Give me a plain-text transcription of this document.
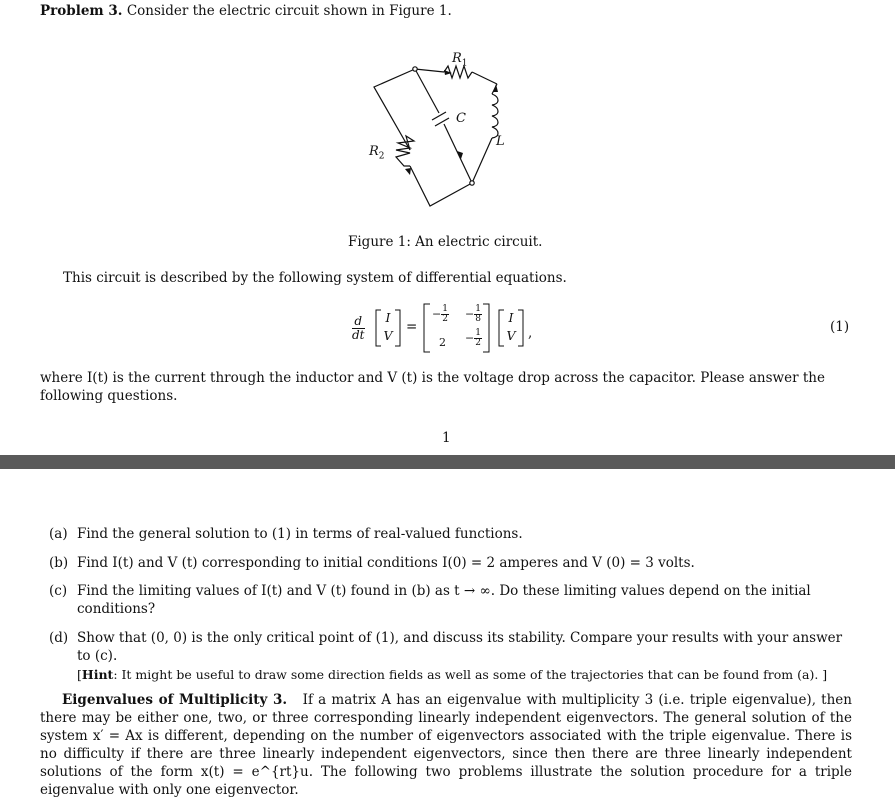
Problem 3. Consider the electric circuit shown in Figure 1.
$R_1$
$R_2$
C
L
Figure 1: An electric circuit.
This circuit is described by the following system of differential equations.
$\frac{d}{dt}$ I
V
=
− $\frac{1}{2} - \frac{1}{8}$
$2 - \frac{1}{2}$
I
V ,	(1)
where I(t) is the current through the inductor and V (t) is the voltage drop across the capacitor. Please answer the following questions.
1
(a) Find the general solution to (1) in terms of real-valued functions.
(b) Find I(t) and V (t) corresponding to initial conditions I(0) = 2 amperes and V (0) = 3 volts.
(c) Find the limiting values of I(t) and V (t) found in (b) as t → ∞. Do these limiting values depend on the initial conditions?
(d) Show that (0, 0) is the only critical point of (1), and discuss its stability. Compare your results with your answer to (c).
[Hint: It might be useful to draw some direction fields as well as some of the trajectories that can be found from (a). ]
Eigenvalues of Multiplicity 3. If a matrix A has an eigenvalue with multiplicity 3 (i.e. triple eigenvalue), then there may be either one, two, or three corresponding linearly independent eigenvectors. The general solution of the system x′ = Ax is different, depending on the number of eigenvectors associated with the triple eigenvalue. There is no difficulty if there are three linearly independent eigenvectors, since then there are three linearly independent solutions of the form x(t) = e^{rt}u. The following two problems illustrate the solution procedure for a triple eigenvalue with only one eigenvector.
